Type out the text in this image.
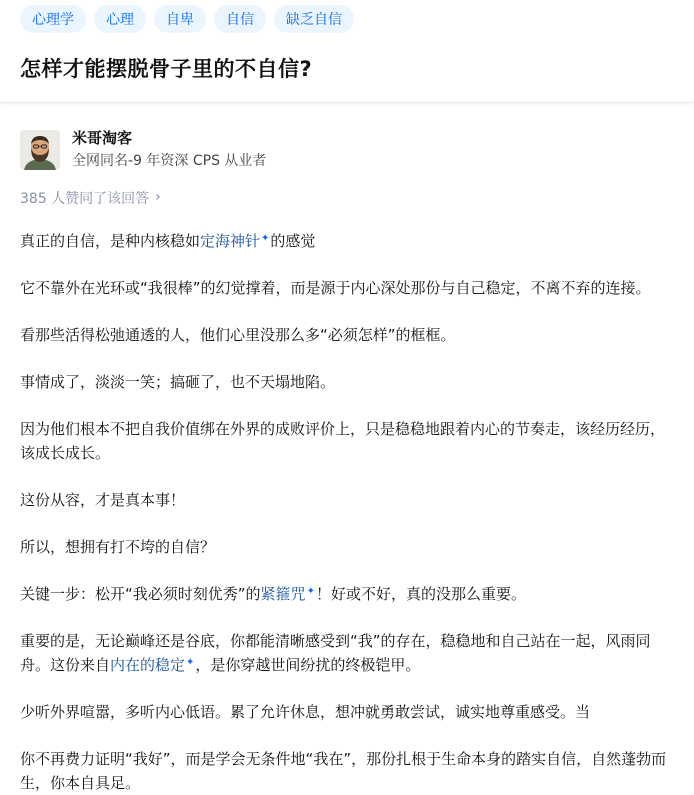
心理学	心理	自卑	自信	缺乏自信
怎样才能摆脱骨子里的不自信?
米哥淘客
全网同名-9 年资深 CPS 从业者
385 人赞同了该回答 ›

真正的自信，是种内核稳如定海神针✦的感觉

它不靠外在光环或“我很棒”的幻觉撑着，而是源于内心深处那份与自己稳定，不离不弃的连接。

看那些活得松弛通透的人，他们心里没那么多“必须怎样”的框框。

事情成了，淡淡一笑；搞砸了，也不天塌地陷。

因为他们根本不把自我价值绑在外界的成败评价上，只是稳稳地跟着内心的节奏走，该经历经历，该成长成长。

这份从容，才是真本事！

所以，想拥有打不垮的自信？

关键一步：松开“我必须时刻优秀”的紧箍咒✦！好或不好，真的没那么重要。

重要的是，无论巅峰还是谷底，你都能清晰感受到“我”的存在，稳稳地和自己站在一起，风雨同舟。这份来自内在的稳定✦，是你穿越世间纷扰的终极铠甲。

少听外界喧嚣，多听内心低语。累了允许休息，想冲就勇敢尝试，诚实地尊重感受。当

你不再费力证明“我好”，而是学会无条件地“我在”，那份扎根于生命本身的踏实自信，自然蓬勃而生，你本自具足。
